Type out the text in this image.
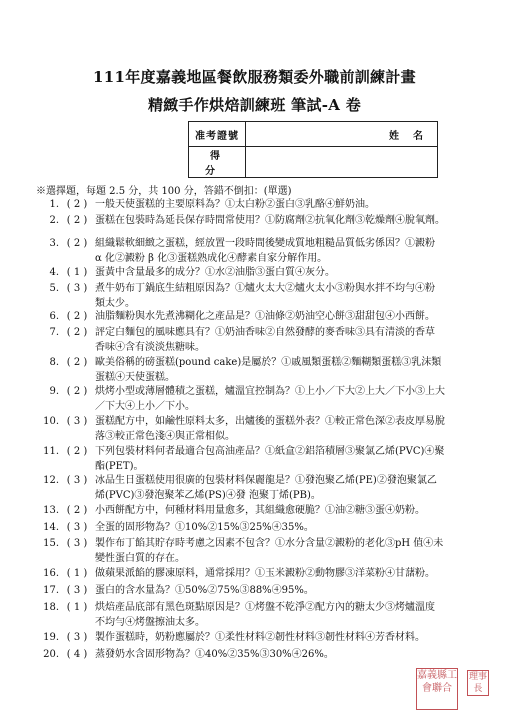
111年度嘉義地區餐飲服務類委外職前訓練計畫
精緻手作烘焙訓練班 筆試-A 卷
准考證號	姓名
得分	
※選擇題，每題 2.5 分，共 100 分，答錯不倒扣：(單選)
1. ( 2 ) 一般天使蛋糕的主要原料為？①太白粉②蛋白③乳酪④鮮奶油。
2. ( 2 ) 蛋糕在包裝時為延長保存時間常使用？①防腐劑②抗氧化劑③乾燥劑④脫氧劑。
3. ( 2 ) 組織鬆軟細緻之蛋糕，經放置一段時間後變成質地粗糙品質低劣係因？①澱粉
α 化②澱粉 β 化③蛋糕熟成化④酵素自家分解作用。
4. ( 1 ) 蛋黃中含量最多的成分？①水②油脂③蛋白質④灰分。
5. ( 3 ) 煮牛奶布丁鍋底生結粗原因為？①爐火太大②爐火太小③粉與水拌不均勻④粉
類太少。
6. ( 2 ) 油脂麵粉與水先煮沸糊化之產品是？①油條②奶油空心餅③甜甜包④小西餅。
7. ( 2 ) 評定白麵包的風味應具有？①奶油香味②自然發酵的麥香味③具有清淡的香草
香味④含有淡淡焦糖味。
8. ( 2 ) 歐美俗稱的磅蛋糕(pound cake)是屬於？①戚風類蛋糕②麵糊類蛋糕③乳沫類
蛋糕④天使蛋糕。
9. ( 2 ) 烘烤小型或薄層體積之蛋糕，爐溫宜控制為？①上小／下大②上大／下小③上大
／下大④上小／下小。
10. ( 3 ) 蛋糕配方中，如鹼性原料太多，出爐後的蛋糕外表？①較正常色深②表皮厚易脫
落③較正常色淺④與正常相似。
11. ( 2 ) 下列包裝材料何者最適合包高油產品？①紙盒②鋁箔積層③聚氯乙烯(PVC)④聚
酯(PET)。
12. ( 3 ) 冰品生日蛋糕使用很廣的包裝材料保麗龍是？①發泡聚乙烯(PE)②發泡聚氯乙
烯(PVC)③發泡聚苯乙烯(PS)④發 泡聚丁烯(PB)。
13. ( 2 ) 小西餅配方中，何種材料用量愈多，其組織愈硬脆？①油②糖③蛋④奶粉。
14. ( 3 ) 全蛋的固形物為？①10%②15%③25%④35%。
15. ( 3 ) 製作布丁餡其貯存時考慮之因素不包含？①水分含量②澱粉的老化③pH 值④未
變性蛋白質的存在。
16. ( 1 ) 做蘋果派餡的膠凍原料，通常採用？①玉米澱粉②動物膠③洋菜粉④甘藷粉。
17. ( 3 ) 蛋白的含水量為？①50%②75%③88%④95%。
18. ( 1 ) 烘焙產品底部有黑色斑點原因是？①烤盤不乾淨②配方內的糖太少③烤爐溫度
不均勻④烤盤擦油太多。
19. ( 3 ) 製作蛋糕時，奶粉應屬於？①柔性材料②韌性材料③韌性材料④芳香材料。
20. ( 4 ) 蒸發奶水含固形物為？①40%②35%③30%④26%。
嘉義縣工會聯合
理事長
